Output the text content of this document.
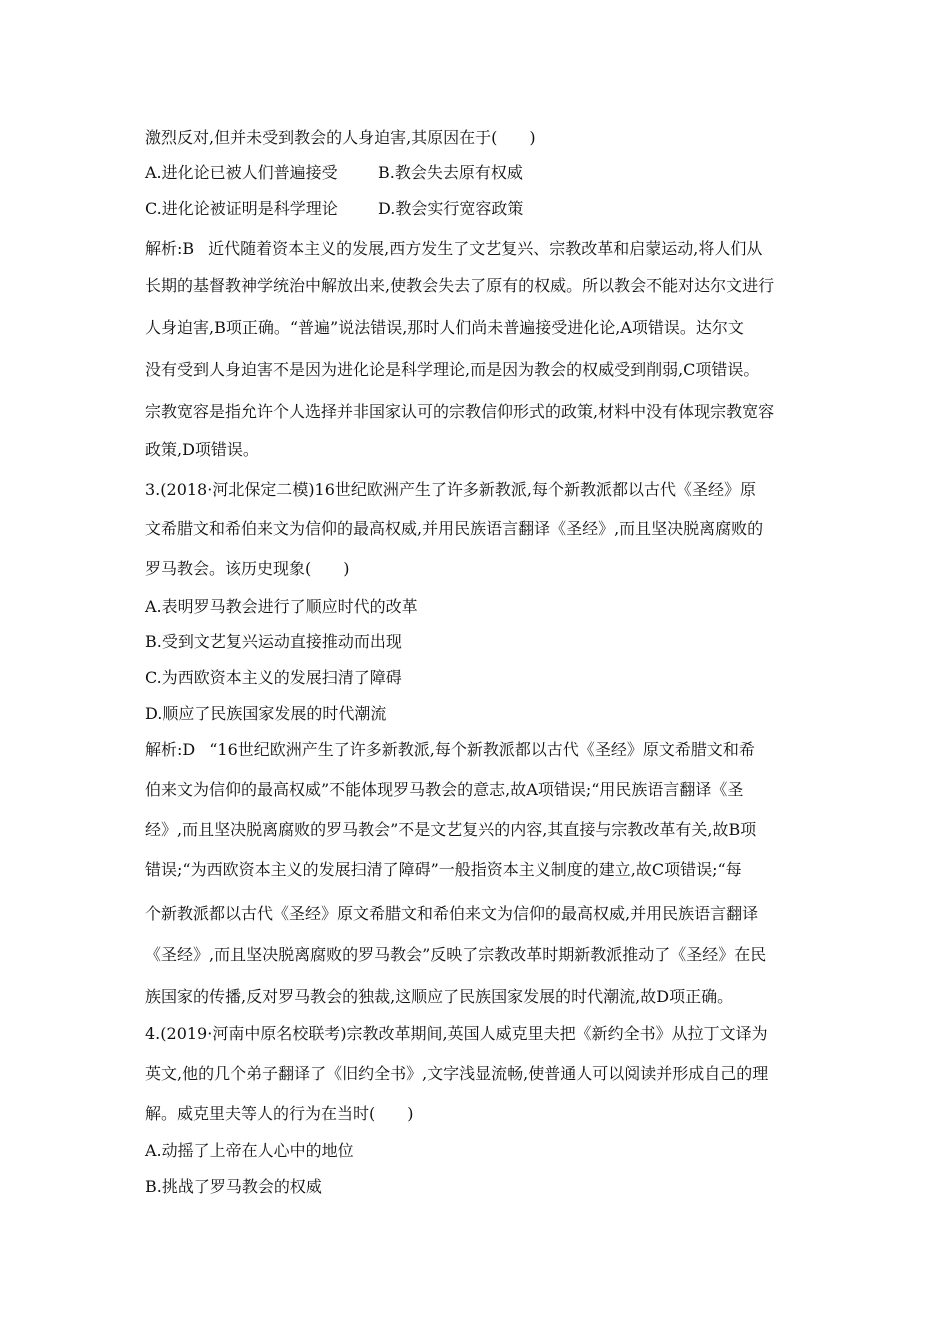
激烈反对,但并未受到教会的人身迫害,其原因在于(　　)
A.进化论已被人们普遍接受	B.教会失去原有权威
C.进化论被证明是科学理论	D.教会实行宽容政策
解析:B 近代随着资本主义的发展,西方发生了文艺复兴、宗教改革和启蒙运动,将人们从
长期的基督教神学统治中解放出来,使教会失去了原有的权威。所以教会不能对达尔文进行
人身迫害,B项正确。“普遍”说法错误,那时人们尚未普遍接受进化论,A项错误。达尔文
没有受到人身迫害不是因为进化论是科学理论,而是因为教会的权威受到削弱,C项错误。
宗教宽容是指允许个人选择并非国家认可的宗教信仰形式的政策,材料中没有体现宗教宽容
政策,D项错误。
3.(2018·河北保定二模)16世纪欧洲产生了许多新教派,每个新教派都以古代《圣经》原
文希腊文和希伯来文为信仰的最高权威,并用民族语言翻译《圣经》,而且坚决脱离腐败的
罗马教会。该历史现象(　　)
A.表明罗马教会进行了顺应时代的改革
B.受到文艺复兴运动直接推动而出现
C.为西欧资本主义的发展扫清了障碍
D.顺应了民族国家发展的时代潮流
解析:D “16世纪欧洲产生了许多新教派,每个新教派都以古代《圣经》原文希腊文和希
伯来文为信仰的最高权威”不能体现罗马教会的意志,故A项错误;“用民族语言翻译《圣
经》,而且坚决脱离腐败的罗马教会”不是文艺复兴的内容,其直接与宗教改革有关,故B项
错误;“为西欧资本主义的发展扫清了障碍”一般指资本主义制度的建立,故C项错误;“每
个新教派都以古代《圣经》原文希腊文和希伯来文为信仰的最高权威,并用民族语言翻译
《圣经》,而且坚决脱离腐败的罗马教会”反映了宗教改革时期新教派推动了《圣经》在民
族国家的传播,反对罗马教会的独裁,这顺应了民族国家发展的时代潮流,故D项正确。
4.(2019·河南中原名校联考)宗教改革期间,英国人威克里夫把《新约全书》从拉丁文译为
英文,他的几个弟子翻译了《旧约全书》,文字浅显流畅,使普通人可以阅读并形成自己的理
解。威克里夫等人的行为在当时(　　)
A.动摇了上帝在人心中的地位
B.挑战了罗马教会的权威
